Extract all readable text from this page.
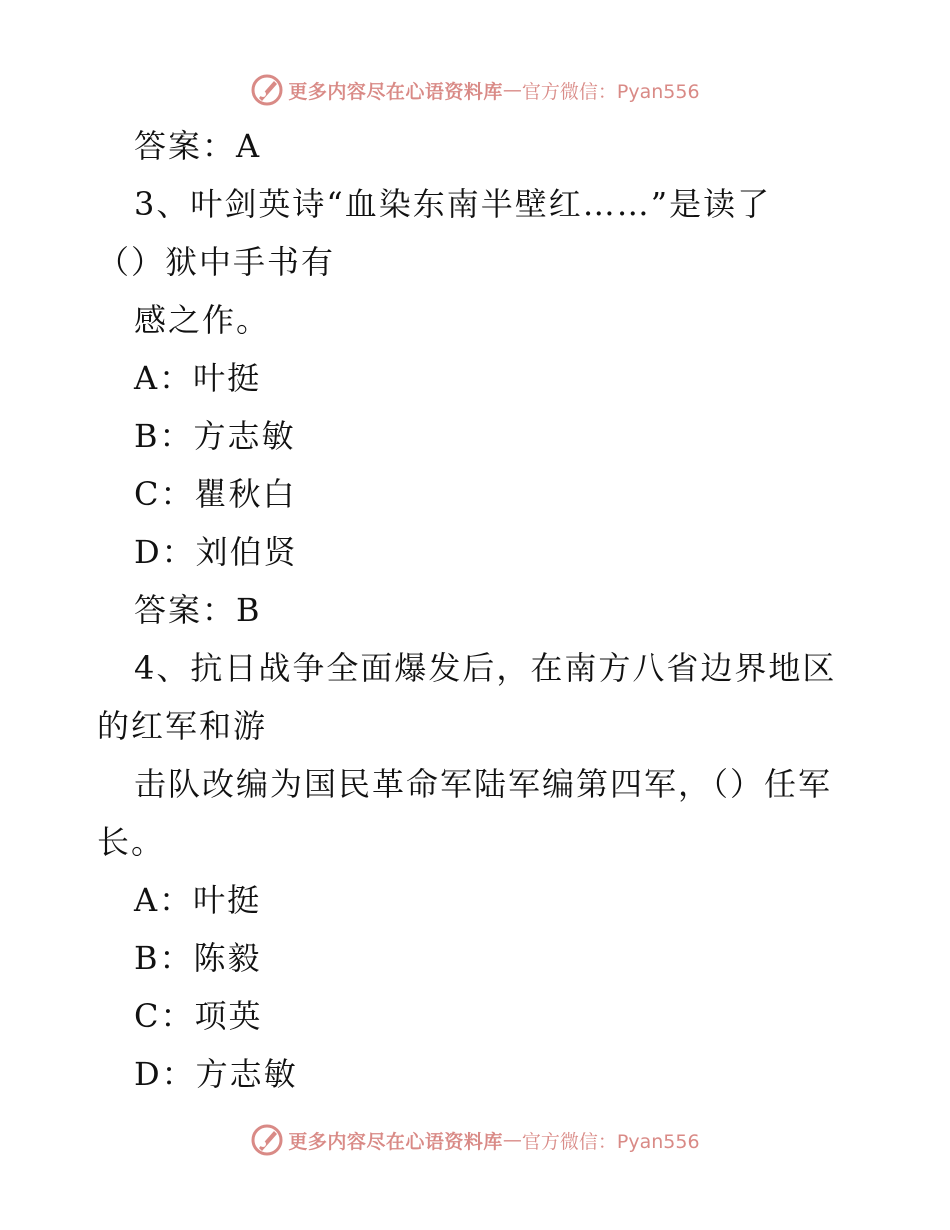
更多内容尽在心语资料库 — 官方微信：Pyan556
答案：A
3、叶剑英诗“血染东南半壁红……”是读了
（）狱中手书有
感之作。
A：叶挺
B：方志敏
C：瞿秋白
D：刘伯贤
答案：B
4、抗日战争全面爆发后，在南方八省边界地区
的红军和游
击队改编为国民革命军陆军编第四军，（）任军
长。
A：叶挺
B：陈毅
C：项英
D：方志敏
更多内容尽在心语资料库 — 官方微信：Pyan556
